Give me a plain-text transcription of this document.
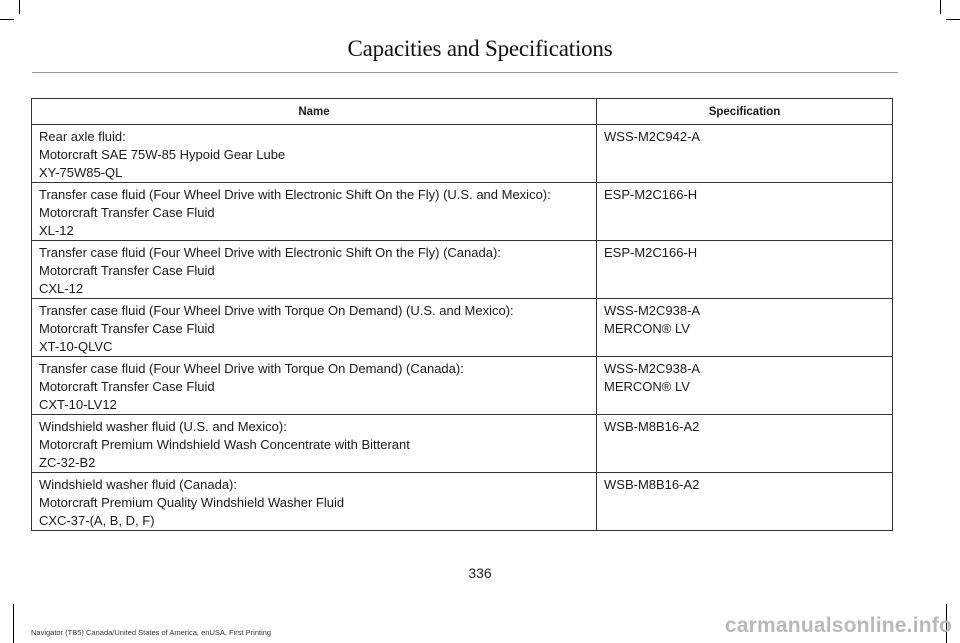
Capacities and Specifications
Name	Specification

Rear axle fluid:
Motorcraft SAE 75W-85 Hypoid Gear Lube
XY-75W85-QL	WSS-M2C942-A

Transfer case fluid (Four Wheel Drive with Electronic Shift On the Fly) (U.S. and Mexico):
Motorcraft Transfer Case Fluid
XL-12	ESP-M2C166-H

Transfer case fluid (Four Wheel Drive with Electronic Shift On the Fly) (Canada):
Motorcraft Transfer Case Fluid
CXL-12	ESP-M2C166-H

Transfer case fluid (Four Wheel Drive with Torque On Demand) (U.S. and Mexico):
Motorcraft Transfer Case Fluid
XT-10-QLVC	WSS-M2C938-A
MERCON® LV

Transfer case fluid (Four Wheel Drive with Torque On Demand) (Canada):
Motorcraft Transfer Case Fluid
CXT-10-LV12	WSS-M2C938-A
MERCON® LV

Windshield washer fluid (U.S. and Mexico):
Motorcraft Premium Windshield Wash Concentrate with Bitterant
ZC-32-B2	WSB-M8B16-A2

Windshield washer fluid (Canada):
Motorcraft Premium Quality Windshield Washer Fluid
CXC-37-(A, B, D, F)	WSB-M8B16-A2
336
Navigator (TB5) Canada/United States of America, enUSA, First Printing	carmanualsonline.info
